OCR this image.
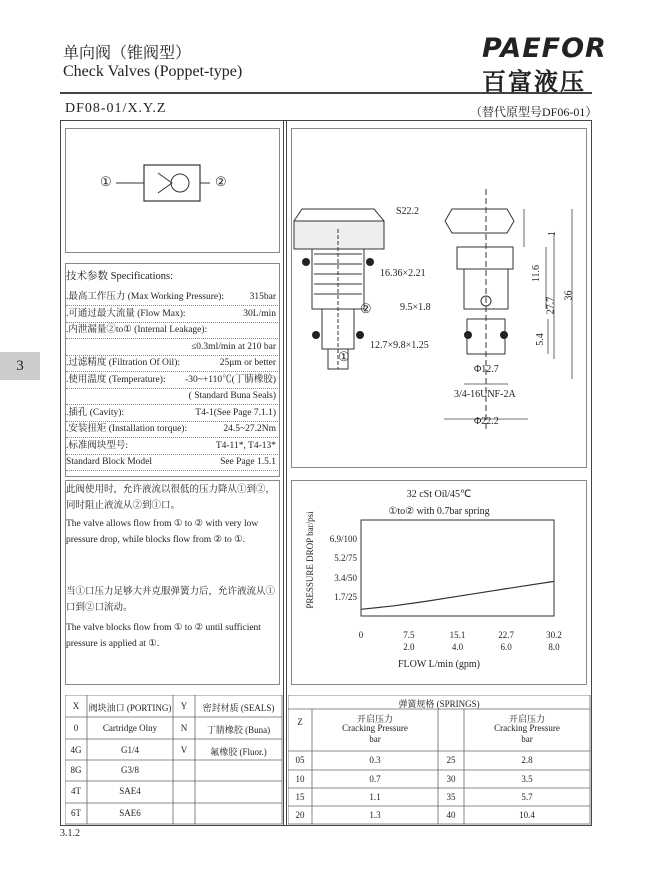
单向阀（锥阀型）
Check Valves (Poppet-type)
PAEFOR
百富液压
DF08-01/X.Y.Z	（替代原型号DF06-01）
3
①	②
S22.2
16.36×2.21
9.5×1.8
12.7×9.8×1.25
Φ12.7
3/4-16UNF-2A
Φ22.2
1
11.6
27.7
36
5.4
②
①
技术参数 Specifications:
.最高工作压力 (Max Working Pressure):	315bar
.可通过最大流量 (Flow Max):	30L/min
.内泄漏量②to① (Internal Leakage):
≤0.3ml/min at 210 bar
.过滤精度 (Filtration Of Oil):	25μm or better
.使用温度 (Temperature): -30~+110℃(丁腈橡胶)
( Standard Buna Seals)
.插孔 (Cavity):	T4-1(See Page 7.1.1)
.安装扭矩 (Installation torque):	24.5~27.2Nm
.标准阀块型号:	T4-11*, T4-13*
Standard Block Model	See Page 1.5.1
此阀使用时，允许液流以很低的压力降从①到②，同时阻止液流从②到①口。
The valve allows flow from ① to ② with very low pressure drop, while blocks flow from ② to ①.
当①口压力足够大并克服弹簧力后，允许液流从①口到②口流动。
The valve blocks flow from ① to ② until sufficient pressure is applied at ①.
32 cSt Oil/45℃
①to② with 0.7bar spring
PRESSURE DROP bar/psi
FLOW L/min (gpm)
6.9/100
5.2/75
3.4/50
1.7/25
0	7.5
2.0
15.1
4.0
22.7
6.0
30.2
8.0
X	阀块油口 (PORTING)	Y	密封材质 (SEALS)
0	Cartridge Olny	N	丁腈橡胶 (Buna)
4G	G1/4	V	氟橡胶 (Fluor.)
8G	G3/8
4T	SAE4
6T	SAE6
弹簧规格 (SPRINGS)
Z	开启压力
Cracking Pressure
bar
开启压力
Cracking Pressure
bar
05	0.3	25	2.8
10	0.7	30	3.5
15	1.1	35	5.7
20	1.3	40	10.4
3.1.2
